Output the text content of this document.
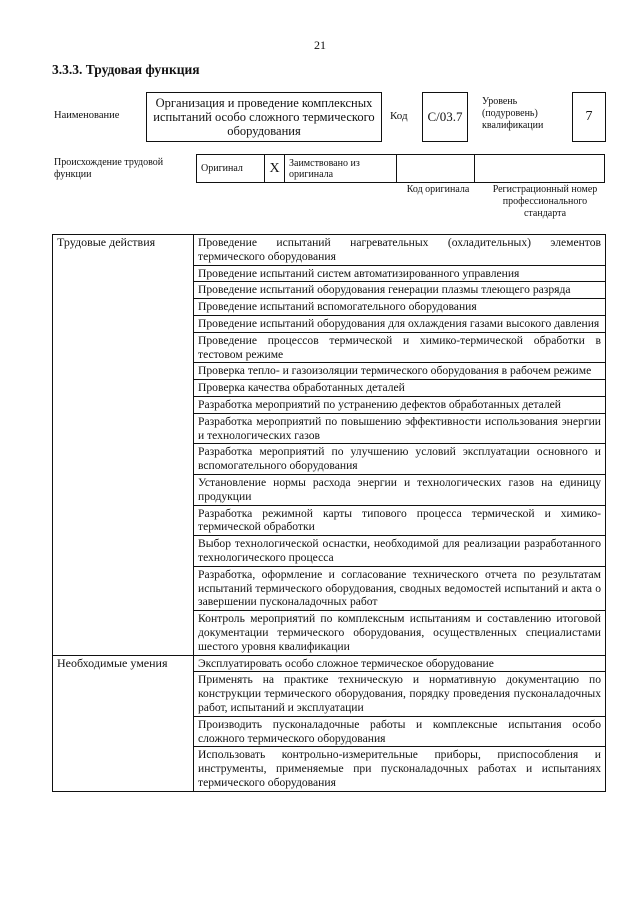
21
3.3.3. Трудовая функция
Наименование
Организация и проведение комплексных испытаний особо сложного термического оборудования
Код	C/03.7
Уровень (подуровень) квалификации
7
Происхождение трудовой функции
Оригинал	X	Заимствовано из оригинала		
Код оригинала	Регистрационный номер профессионального стандарта
Трудовые действия	Проведение испытаний нагревательных (охладительных) элементов термического оборудования
	Проведение испытаний систем автоматизированного управления
	Проведение испытаний оборудования генерации плазмы тлеющего разряда
	Проведение испытаний вспомогательного оборудования
	Проведение испытаний оборудования для охлаждения газами высокого давления
	Проведение процессов термической и химико-термической обработки в тестовом режиме
	Проверка тепло- и газоизоляции термического оборудования в рабочем режиме
	Проверка качества обработанных деталей
	Разработка мероприятий по устранению дефектов обработанных деталей
	Разработка мероприятий по повышению эффективности использования энергии и технологических газов
	Разработка мероприятий по улучшению условий эксплуатации основного и вспомогательного оборудования
	Установление нормы расхода энергии и технологических газов на единицу продукции
	Разработка режимной карты типового процесса термической и химико-термической обработки
	Выбор технологической оснастки, необходимой для реализации разработанного технологического процесса
	Разработка, оформление и согласование технического отчета по результатам испытаний термического оборудования, сводных ведомостей испытаний и акта о завершении пусконаладочных работ
	Контроль мероприятий по комплексным испытаниям и составлению итоговой документации термического оборудования, осуществленных специалистами шестого уровня квалификации
Необходимые умения	Эксплуатировать особо сложное термическое оборудование
	Применять на практике техническую и нормативную документацию по конструкции термического оборудования, порядку проведения пусконаладочных работ, испытаний и эксплуатации
	Производить пусконаладочные работы и комплексные испытания особо сложного термического оборудования
	Использовать контрольно-измерительные приборы, приспособления и инструменты, применяемые при пусконаладочных работах и испытаниях термического оборудования
